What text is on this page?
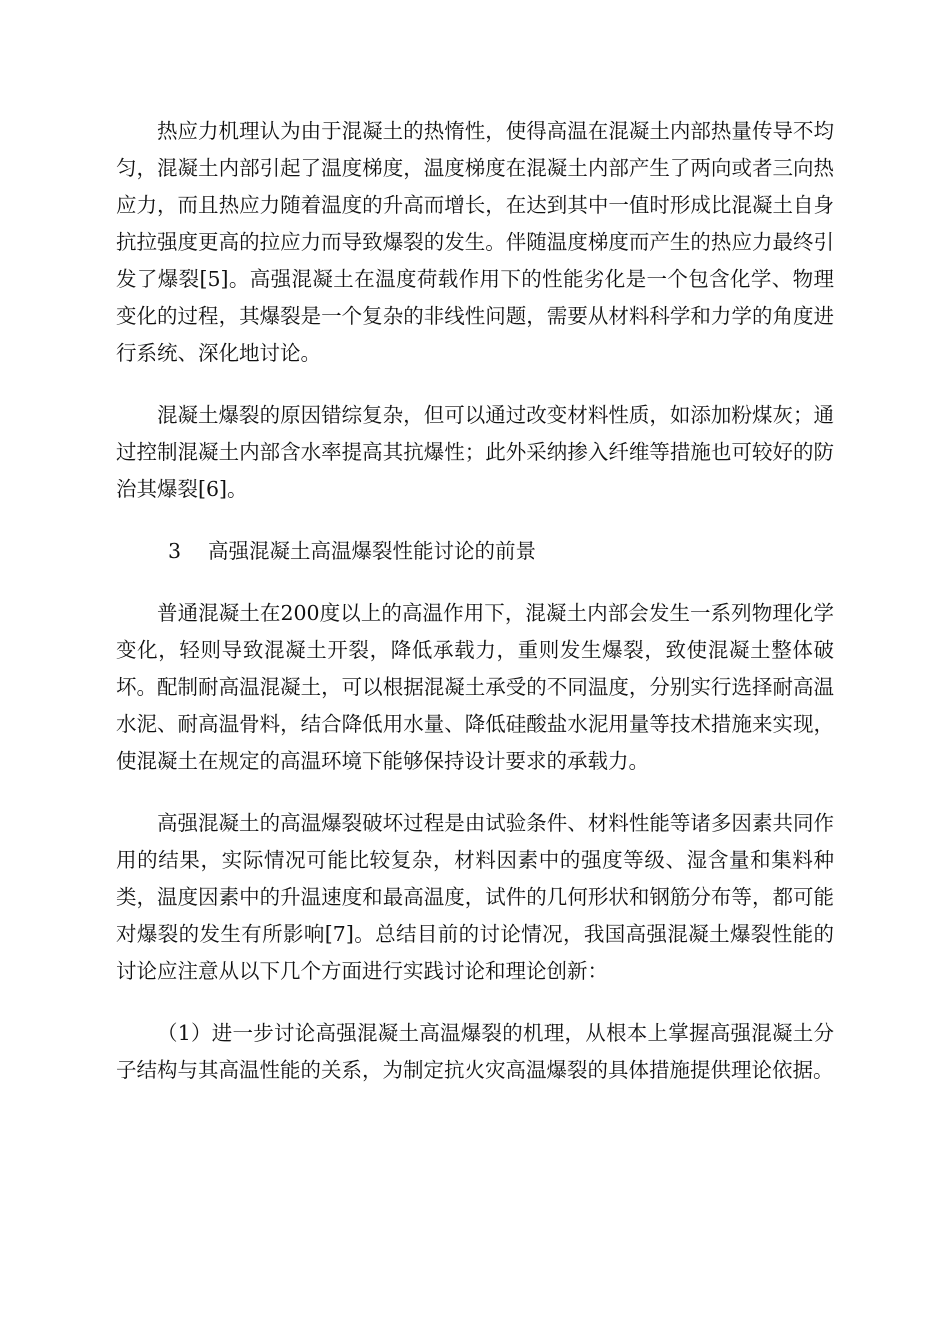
热应力机理认为由于混凝土的热惰性，使得高温在混凝土内部热量传导不均匀，混凝土内部引起了温度梯度，温度梯度在混凝土内部产生了两向或者三向热应力，而且热应力随着温度的升高而增长，在达到其中一值时形成比混凝土自身抗拉强度更高的拉应力而导致爆裂的发生。伴随温度梯度而产生的热应力最终引发了爆裂[5]。高强混凝土在温度荷载作用下的性能劣化是一个包含化学、物理变化的过程，其爆裂是一个复杂的非线性问题，需要从材料科学和力学的角度进行系统、深化地讨论。

混凝土爆裂的原因错综复杂，但可以通过改变材料性质，如添加粉煤灰；通过控制混凝土内部含水率提高其抗爆性；此外采纳掺入纤维等措施也可较好的防治其爆裂[6]。

3 高强混凝土高温爆裂性能讨论的前景

普通混凝土在200度以上的高温作用下，混凝土内部会发生一系列物理化学变化，轻则导致混凝土开裂，降低承载力，重则发生爆裂，致使混凝土整体破坏。配制耐高温混凝土，可以根据混凝土承受的不同温度，分别实行选择耐高温水泥、耐高温骨料，结合降低用水量、降低硅酸盐水泥用量等技术措施来实现，使混凝土在规定的高温环境下能够保持设计要求的承载力。

高强混凝土的高温爆裂破坏过程是由试验条件、材料性能等诸多因素共同作用的结果，实际情况可能比较复杂，材料因素中的强度等级、湿含量和集料种类，温度因素中的升温速度和最高温度，试件的几何形状和钢筋分布等，都可能对爆裂的发生有所影响[7]。总结目前的讨论情况，我国高强混凝土爆裂性能的讨论应注意从以下几个方面进行实践讨论和理论创新：

（1）进一步讨论高强混凝土高温爆裂的机理，从根本上掌握高强混凝土分子结构与其高温性能的关系，为制定抗火灾高温爆裂的具体措施提供理论依据。
